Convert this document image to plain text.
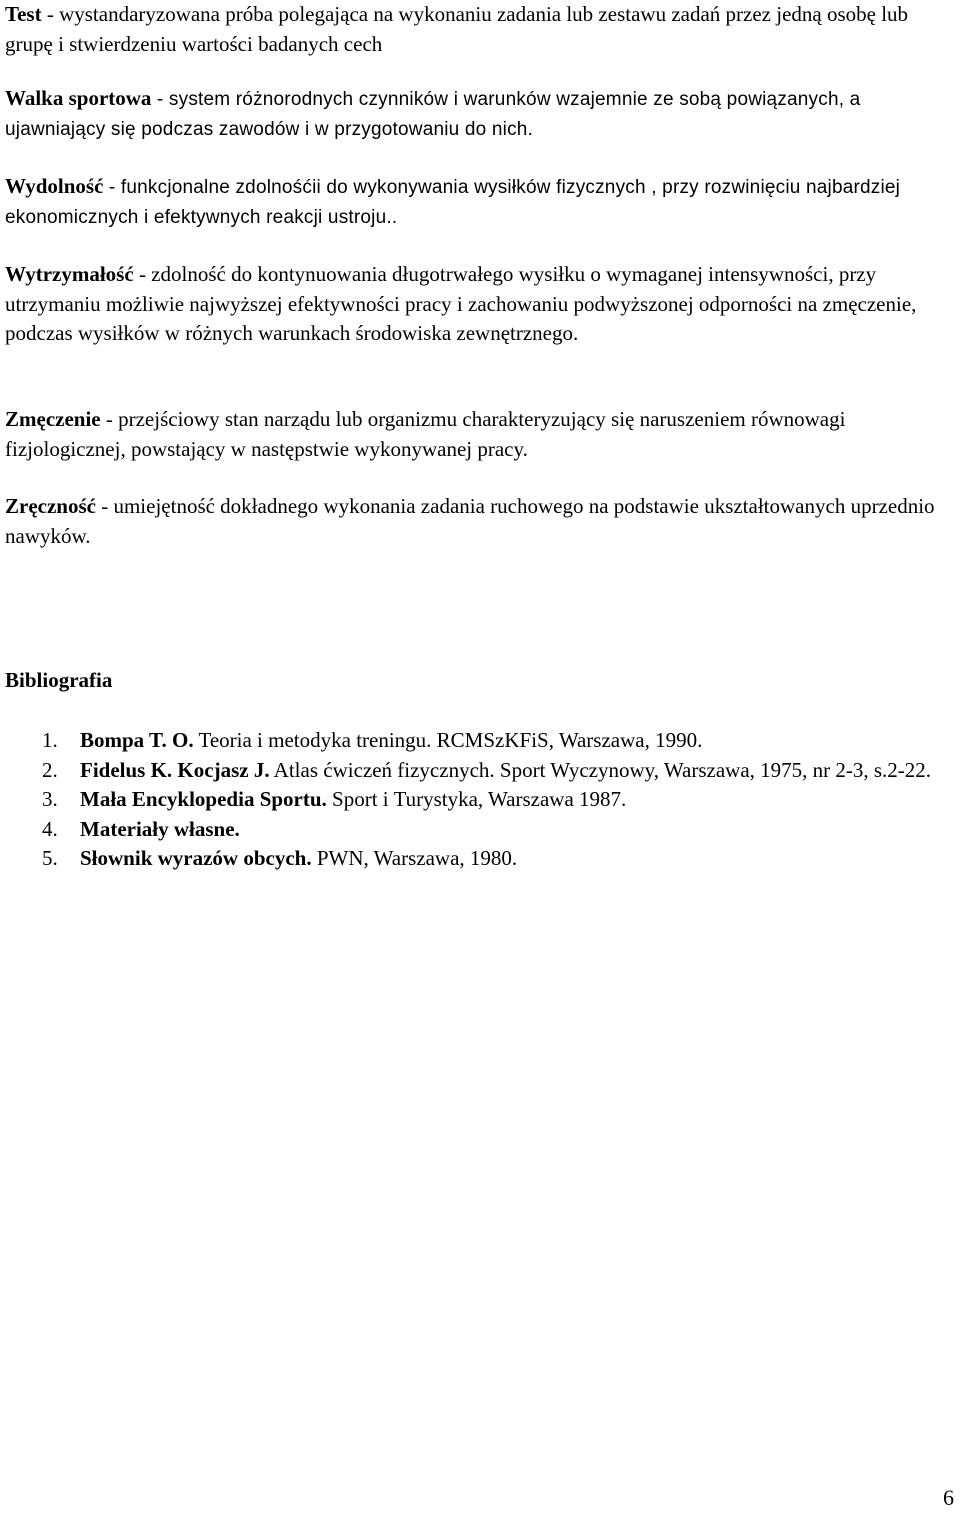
Test - wystandaryzowana próba polegająca na wykonaniu zadania lub zestawu zadań przez jedną osobę lub grupę i stwierdzeniu wartości badanych cech

Walka sportowa - system różnorodnych czynników i warunków wzajemnie ze sobą powiązanych, a ujawniający się podczas zawodów i w przygotowaniu do nich.

Wydolność - funkcjonalne zdolnośćii do wykonywania wysiłków fizycznych , przy rozwinięciu najbardziej ekonomicznych i efektywnych reakcji ustroju..

Wytrzymałość - zdolność do kontynuowania długotrwałego wysiłku o wymaganej intensywności, przy utrzymaniu możliwie najwyższej efektywności pracy i zachowaniu podwyższonej odporności na zmęczenie, podczas wysiłków w różnych warunkach środowiska zewnętrznego.

Zmęczenie - przejściowy stan narządu lub organizmu charakteryzujący się naruszeniem równowagi fizjologicznej, powstający w następstwie wykonywanej pracy.

Zręczność - umiejętność dokładnego wykonania zadania ruchowego na podstawie ukształtowanych uprzednio nawyków.

Bibliografia
1. Bompa T. O. Teoria i metodyka treningu. RCMSzKFiS, Warszawa, 1990.
2. Fidelus K. Kocjasz J. Atlas ćwiczeń fizycznych. Sport Wyczynowy, Warszawa, 1975, nr 2-3, s.2-22.
3. Mała Encyklopedia Sportu. Sport i Turystyka, Warszawa 1987.
4. Materiały własne.
5. Słownik wyrazów obcych. PWN, Warszawa, 1980.
6
